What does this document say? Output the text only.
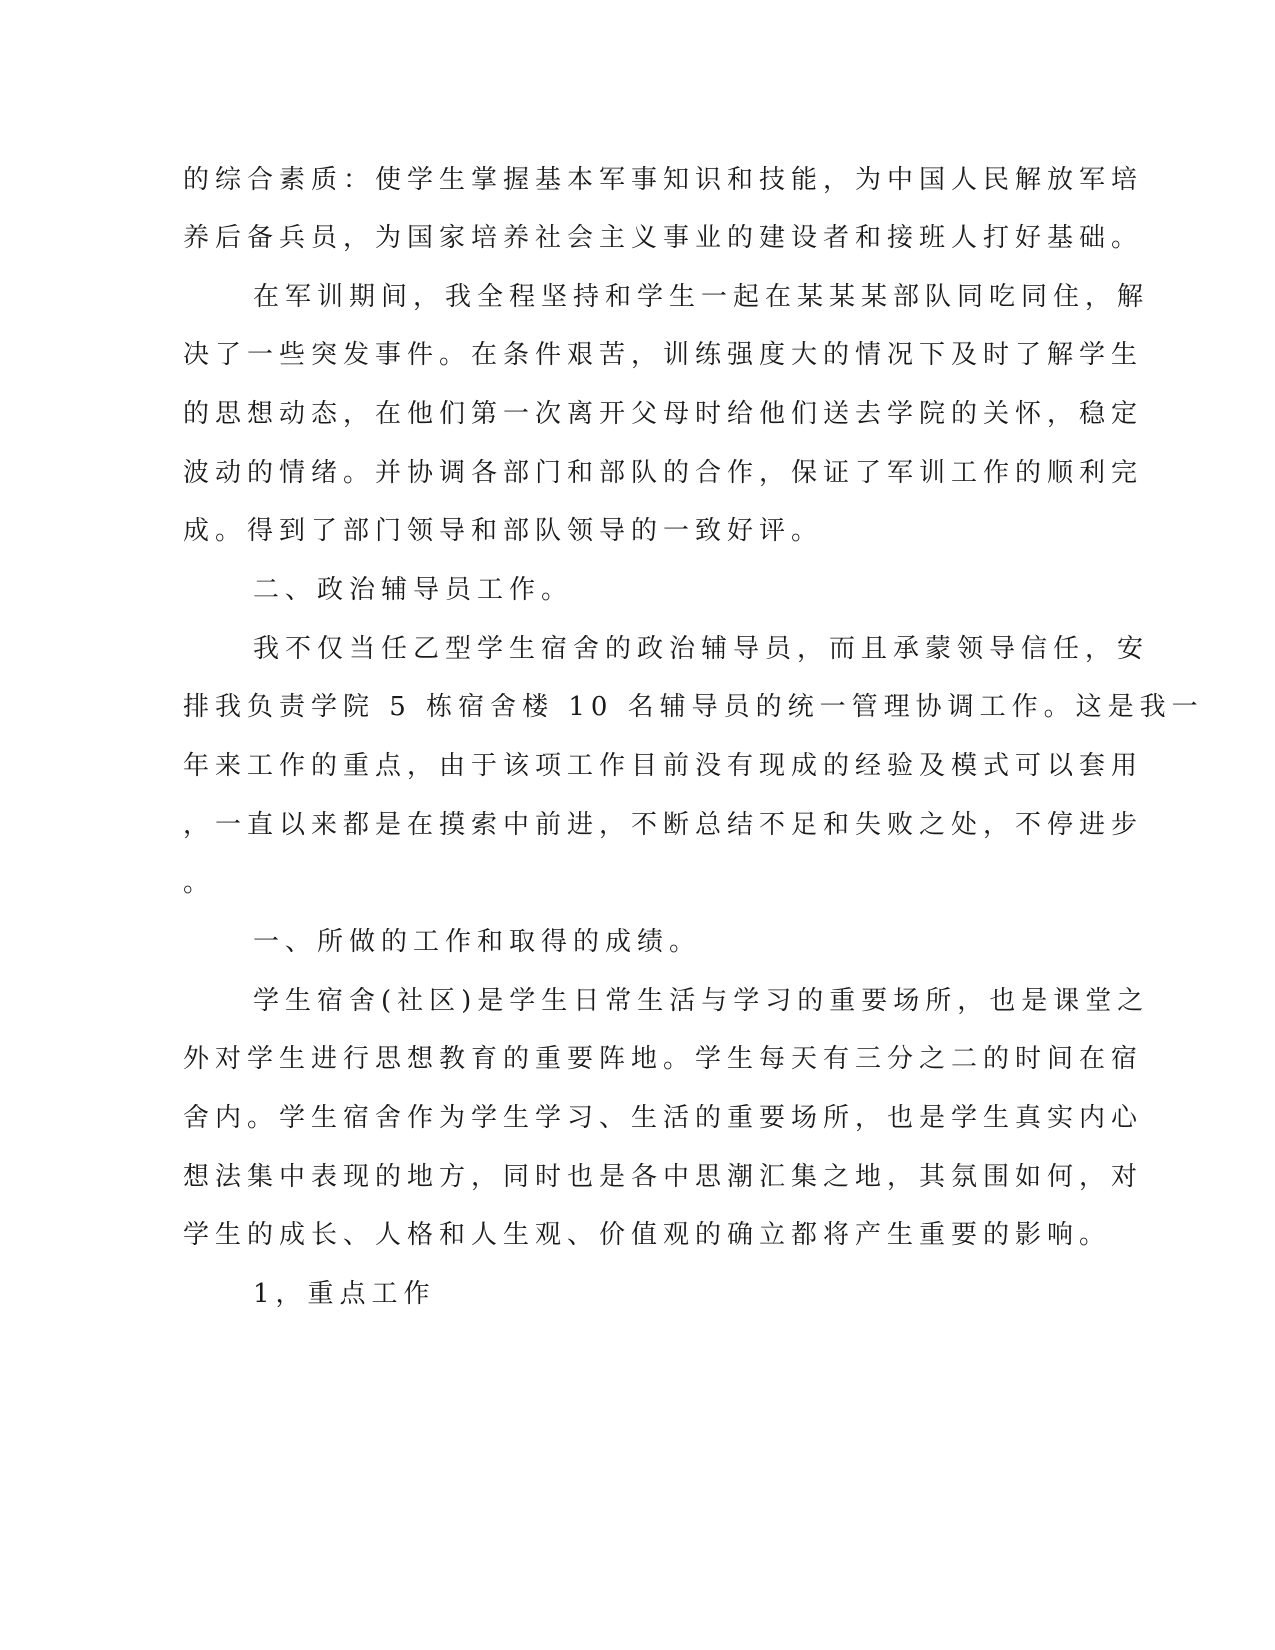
的综合素质：使学生掌握基本军事知识和技能，为中国人民解放军培
养后备兵员，为国家培养社会主义事业的建设者和接班人打好基础。
在军训期间，我全程坚持和学生一起在某某某部队同吃同住，解
决了一些突发事件。在条件艰苦，训练强度大的情况下及时了解学生
的思想动态，在他们第一次离开父母时给他们送去学院的关怀，稳定
波动的情绪。并协调各部门和部队的合作，保证了军训工作的顺利完
成。得到了部门领导和部队领导的一致好评。
二、政治辅导员工作。
我不仅当任乙型学生宿舍的政治辅导员，而且承蒙领导信任，安
排我负责学院 5 栋宿舍楼 10 名辅导员的统一管理协调工作。这是我一
年来工作的重点，由于该项工作目前没有现成的经验及模式可以套用
，一直以来都是在摸索中前进，不断总结不足和失败之处，不停进步
。
一、所做的工作和取得的成绩。
学生宿舍(社区)是学生日常生活与学习的重要场所，也是课堂之
外对学生进行思想教育的重要阵地。学生每天有三分之二的时间在宿
舍内。学生宿舍作为学生学习、生活的重要场所，也是学生真实内心
想法集中表现的地方，同时也是各中思潮汇集之地，其氛围如何，对
学生的成长、人格和人生观、价值观的确立都将产生重要的影响。
1，重点工作
